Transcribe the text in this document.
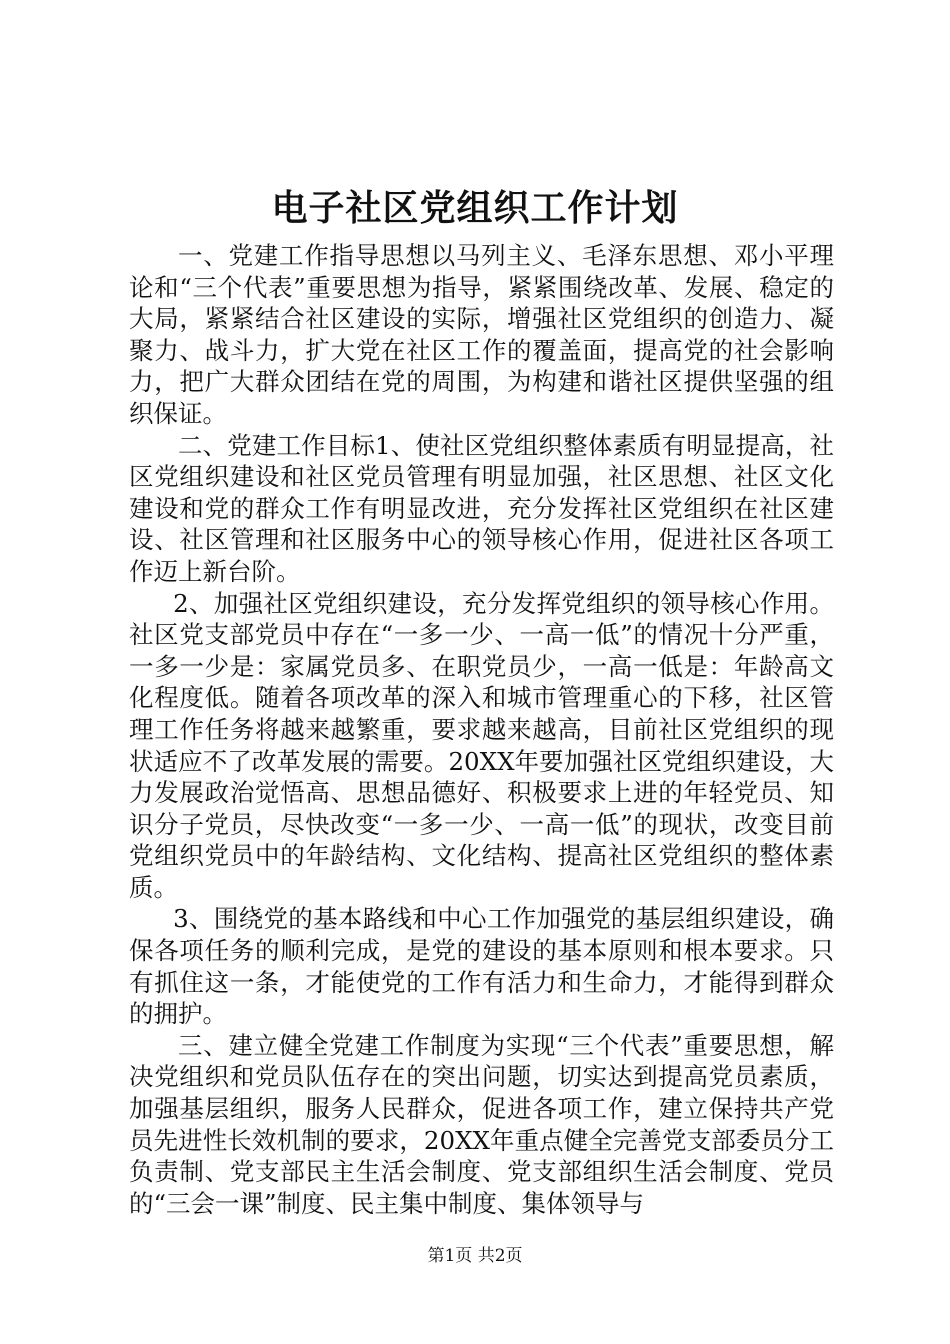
电子社区党组织工作计划

一、党建工作指导思想以马列主义、毛泽东思想、邓小平理论和“三个代表”重要思想为指导，紧紧围绕改革、发展、稳定的大局，紧紧结合社区建设的实际，增强社区党组织的创造力、凝聚力、战斗力，扩大党在社区工作的覆盖面，提高党的社会影响力，把广大群众团结在党的周围，为构建和谐社区提供坚强的组织保证。

二、党建工作目标1、使社区党组织整体素质有明显提高，社区党组织建设和社区党员管理有明显加强，社区思想、社区文化建设和党的群众工作有明显改进，充分发挥社区党组织在社区建设、社区管理和社区服务中心的领导核心作用，促进社区各项工作迈上新台阶。

2、加强社区党组织建设，充分发挥党组织的领导核心作用。社区党支部党员中存在“一多一少、一高一低”的情况十分严重，一多一少是：家属党员多、在职党员少，一高一低是：年龄高文化程度低。随着各项改革的深入和城市管理重心的下移，社区管理工作任务将越来越繁重，要求越来越高，目前社区党组织的现状适应不了改革发展的需要。20XX年要加强社区党组织建设，大力发展政治觉悟高、思想品德好、积极要求上进的年轻党员、知识分子党员，尽快改变“一多一少、一高一低”的现状，改变目前党组织党员中的年龄结构、文化结构、提高社区党组织的整体素质。

3、围绕党的基本路线和中心工作加强党的基层组织建设，确保各项任务的顺利完成，是党的建设的基本原则和根本要求。只有抓住这一条，才能使党的工作有活力和生命力，才能得到群众的拥护。

三、建立健全党建工作制度为实现“三个代表”重要思想，解决党组织和党员队伍存在的突出问题，切实达到提高党员素质，加强基层组织，服务人民群众，促进各项工作，建立保持共产党员先进性长效机制的要求，20XX年重点健全完善党支部委员分工负责制、党支部民主生活会制度、党支部组织生活会制度、党员的“三会一课”制度、民主集中制度、集体领导与

第1页 共2页
